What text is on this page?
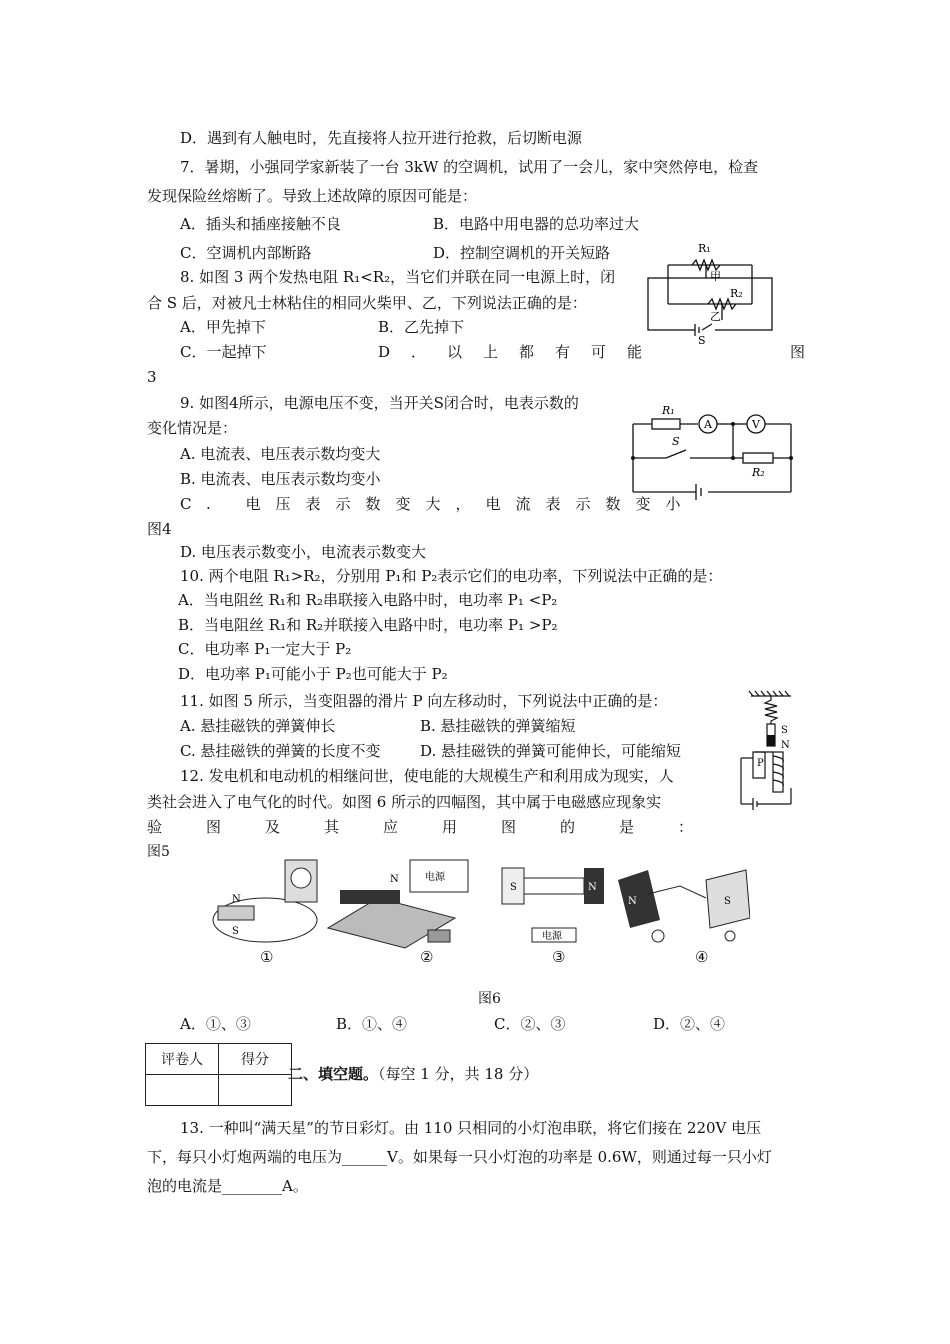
D．遇到有人触电时，先直接将人拉开进行抢救，后切断电源
7．暑期，小强同学家新装了一台 3kW 的空调机，试用了一会儿，家中突然停电，检查
发现保险丝熔断了。导致上述故障的原因可能是：
A．插头和插座接触不良	B．电路中用电器的总功率过大
C．空调机内部断路	D．控制空调机的开关短路
8. 如图 3 两个发热电阻 R₁<R₂，当它们并联在同一电源上时，闭
合 S 后，对被凡士林粘住的相同火柴甲、乙，下列说法正确的是：
A．甲先掉下	B．乙先掉下
C．一起掉下	D．以上都有可能	图
3
R₁
甲
R₂
乙
S
9. 如图4所示，电源电压不变，当开关S闭合时，电表示数的
变化情况是：
A. 电流表、电压表示数均变大
B. 电流表、电压表示数均变小
C. 电压表示数变大，电流表示数变小
图4
D. 电压表示数变小，电流表示数变大
R₁
A	V
S
R₂
10. 两个电阻 R₁>R₂，分别用 P₁和 P₂表示它们的电功率，下列说法中正确的是：
A．当电阻丝 R₁和 R₂串联接入电路中时，电功率 P₁ <P₂
B．当电阻丝 R₁和 R₂并联接入电路中时，电功率 P₁ >P₂
C．电功率 P₁一定大于 P₂
D．电功率 P₁可能小于 P₂也可能大于 P₂
11. 如图 5 所示，当变阻器的滑片 P 向左移动时，下列说法中正确的是：
A. 悬挂磁铁的弹簧伸长	B. 悬挂磁铁的弹簧缩短
C. 悬挂磁铁的弹簧的长度不变	D. 悬挂磁铁的弹簧可能伸长，可能缩短
S
N
P
12. 发电机和电动机的相继问世，使电能的大规模生产和利用成为现实，人
类社会进入了电气化的时代。如图 6 所示的四幅图，其中属于电磁感应现象实
验图及其应用图的是：
图5
N
S
电源
N
S	N
电源
N	S
①	②	③	④
图6
A．①、③	B．①、④	C．②、③	D．②、④
评卷人	得分

二、填空题。（每空 1 分，共 18 分）
13. 一种叫“满天星”的节日彩灯。由 110 只相同的小灯泡串联，将它们接在 220V 电压
下，每只小灯炮两端的电压为______V。如果每一只小灯泡的功率是 0.6W，则通过每一只小灯
泡的电流是________A。
